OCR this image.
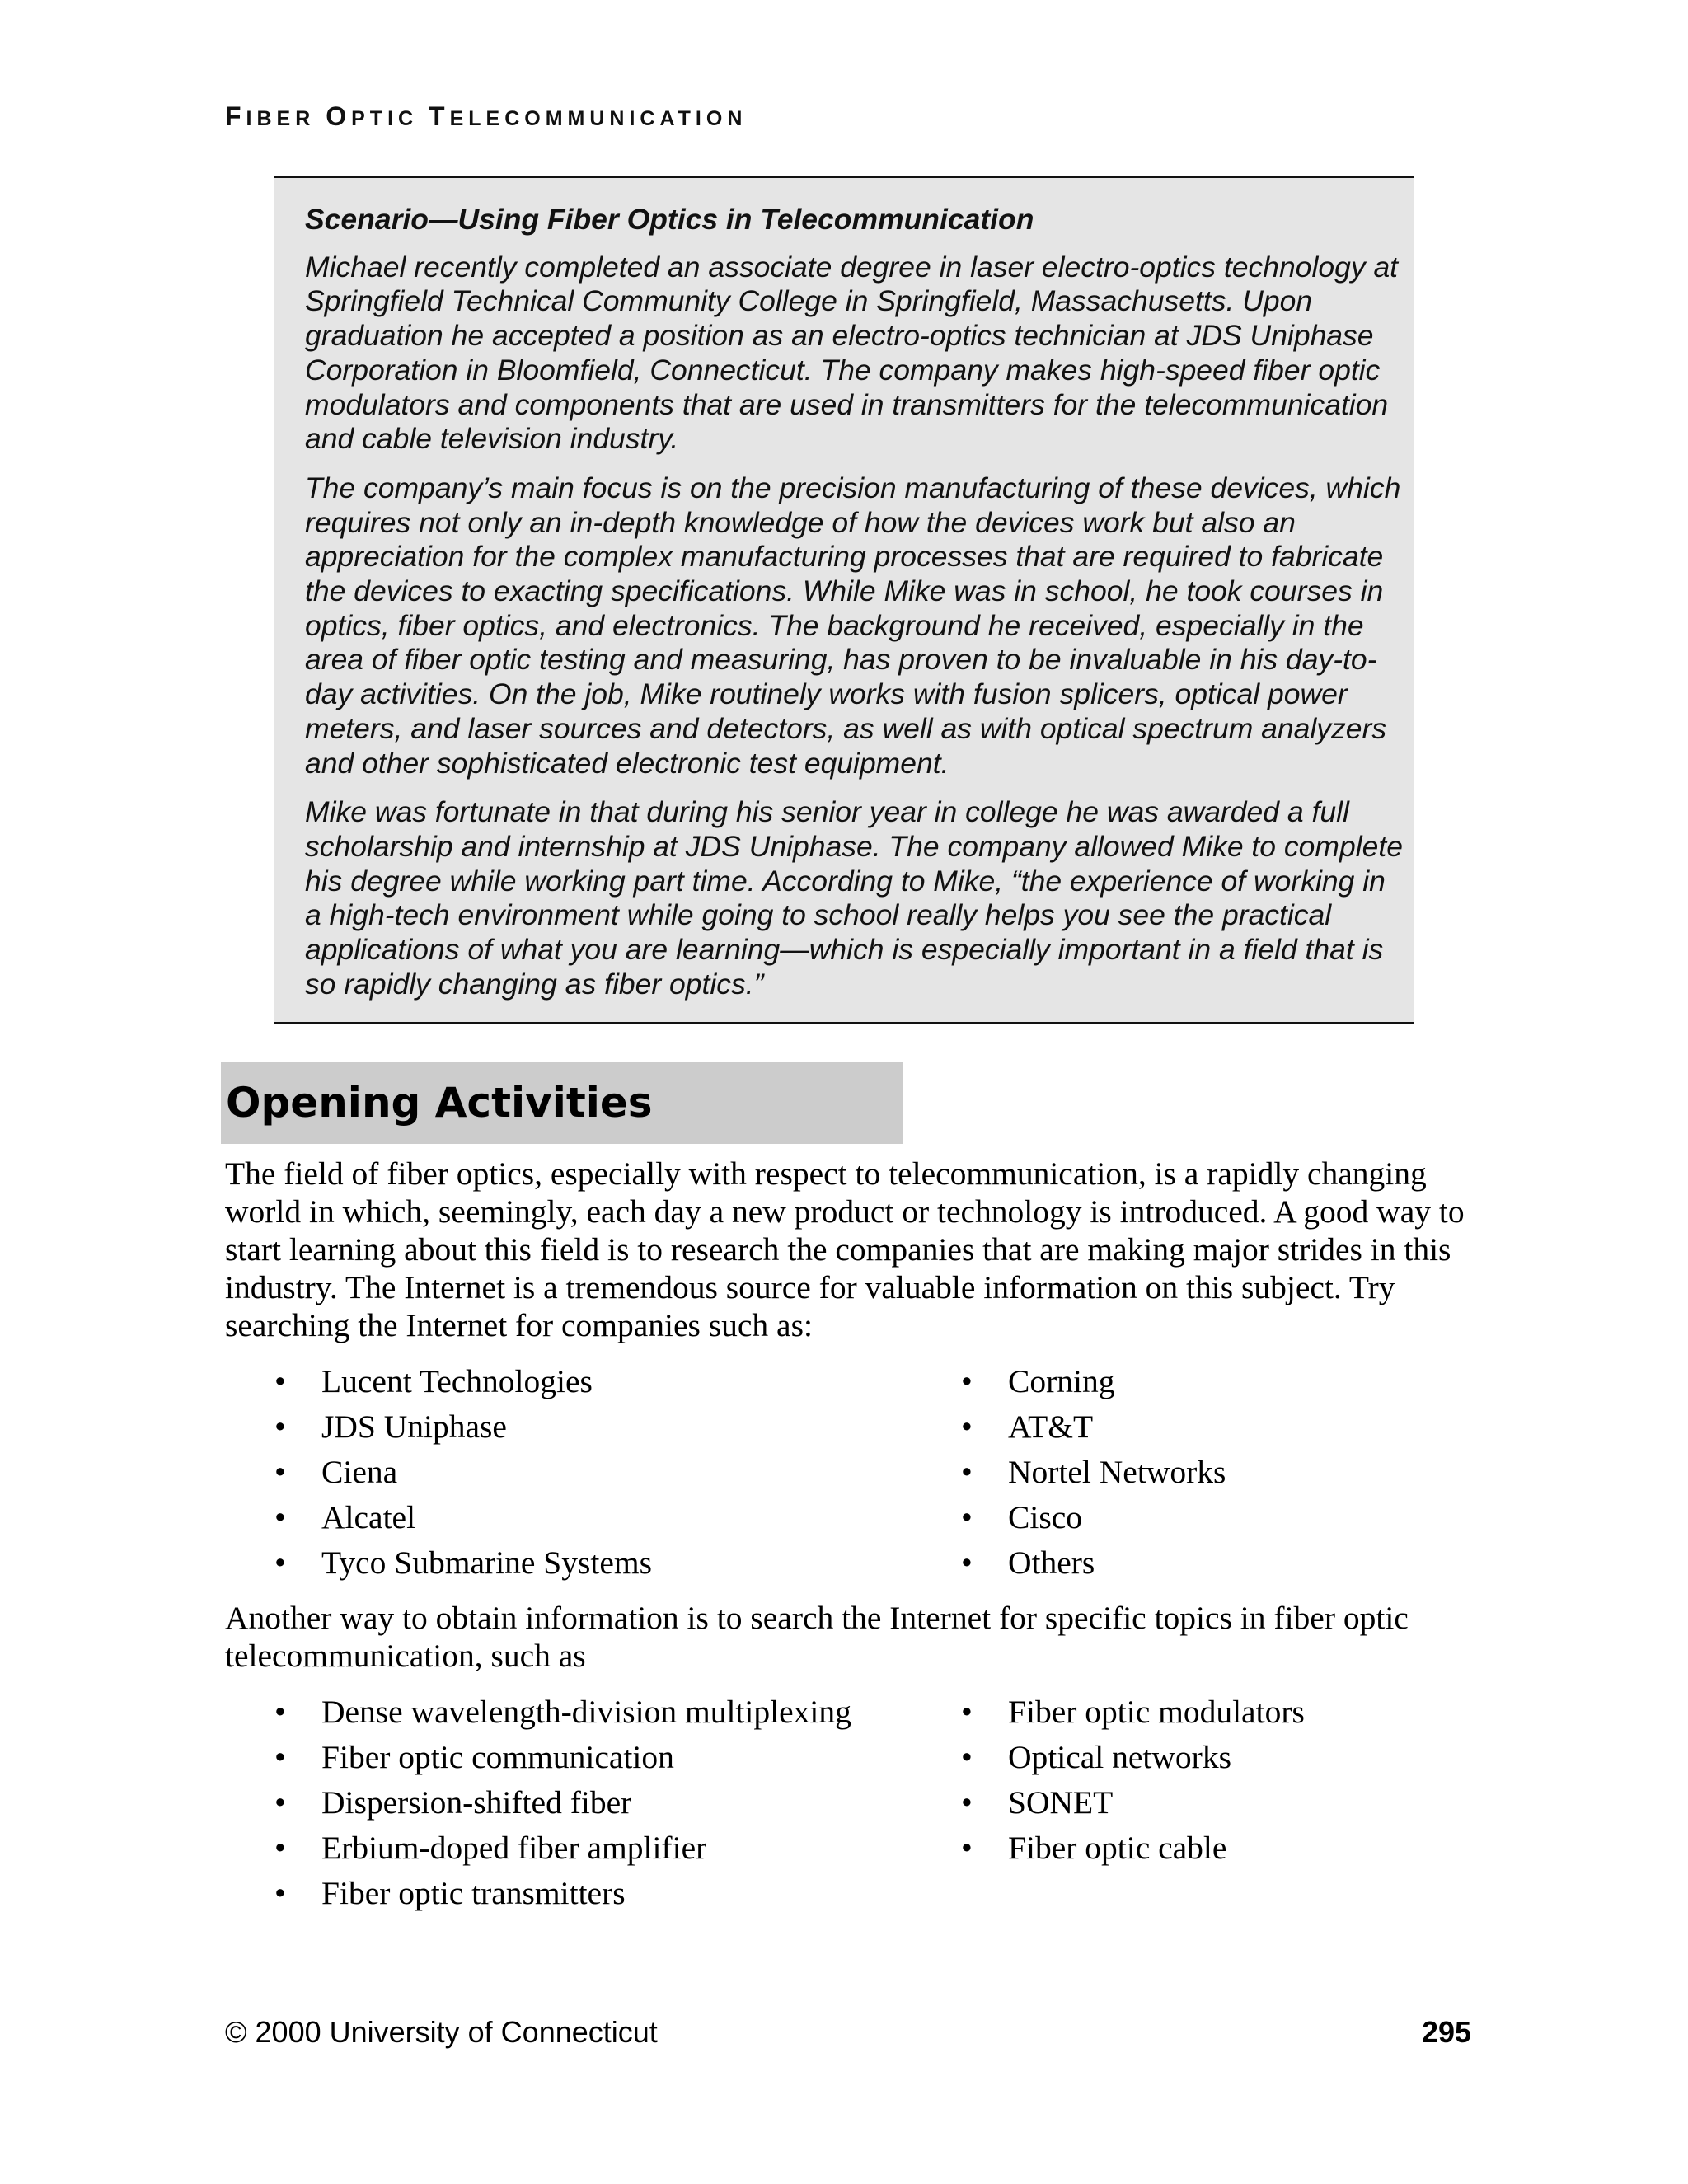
FIBER OPTIC TELECOMMUNICATION

Scenario—Using Fiber Optics in Telecommunication

Michael recently completed an associate degree in laser electro-optics technology at Springfield Technical Community College in Springfield, Massachusetts. Upon graduation he accepted a position as an electro-optics technician at JDS Uniphase Corporation in Bloomfield, Connecticut. The company makes high-speed fiber optic modulators and components that are used in transmitters for the telecommunication and cable television industry.

The company’s main focus is on the precision manufacturing of these devices, which requires not only an in-depth knowledge of how the devices work but also an appreciation for the complex manufacturing processes that are required to fabricate the devices to exacting specifications. While Mike was in school, he took courses in optics, fiber optics, and electronics. The background he received, especially in the area of fiber optic testing and measuring, has proven to be invaluable in his day-to-day activities. On the job, Mike routinely works with fusion splicers, optical power meters, and laser sources and detectors, as well as with optical spectrum analyzers and other sophisticated electronic test equipment.

Mike was fortunate in that during his senior year in college he was awarded a full scholarship and internship at JDS Uniphase. The company allowed Mike to complete his degree while working part time. According to Mike, “the experience of working in a high-tech environment while going to school really helps you see the practical applications of what you are learning—which is especially important in a field that is so rapidly changing as fiber optics.”

Opening Activities

The field of fiber optics, especially with respect to telecommunication, is a rapidly changing world in which, seemingly, each day a new product or technology is introduced. A good way to start learning about this field is to research the companies that are making major strides in this industry. The Internet is a tremendous source for valuable information on this subject. Try searching the Internet for companies such as:

• Lucent Technologies
• JDS Uniphase
• Ciena
• Alcatel
• Tyco Submarine Systems
• Corning
• AT&T
• Nortel Networks
• Cisco
• Others

Another way to obtain information is to search the Internet for specific topics in fiber optic telecommunication, such as

• Dense wavelength-division multiplexing
• Fiber optic communication
• Dispersion-shifted fiber
• Erbium-doped fiber amplifier
• Fiber optic transmitters
• Fiber optic modulators
• Optical networks
• SONET
• Fiber optic cable
© 2000 University of Connecticut	295
